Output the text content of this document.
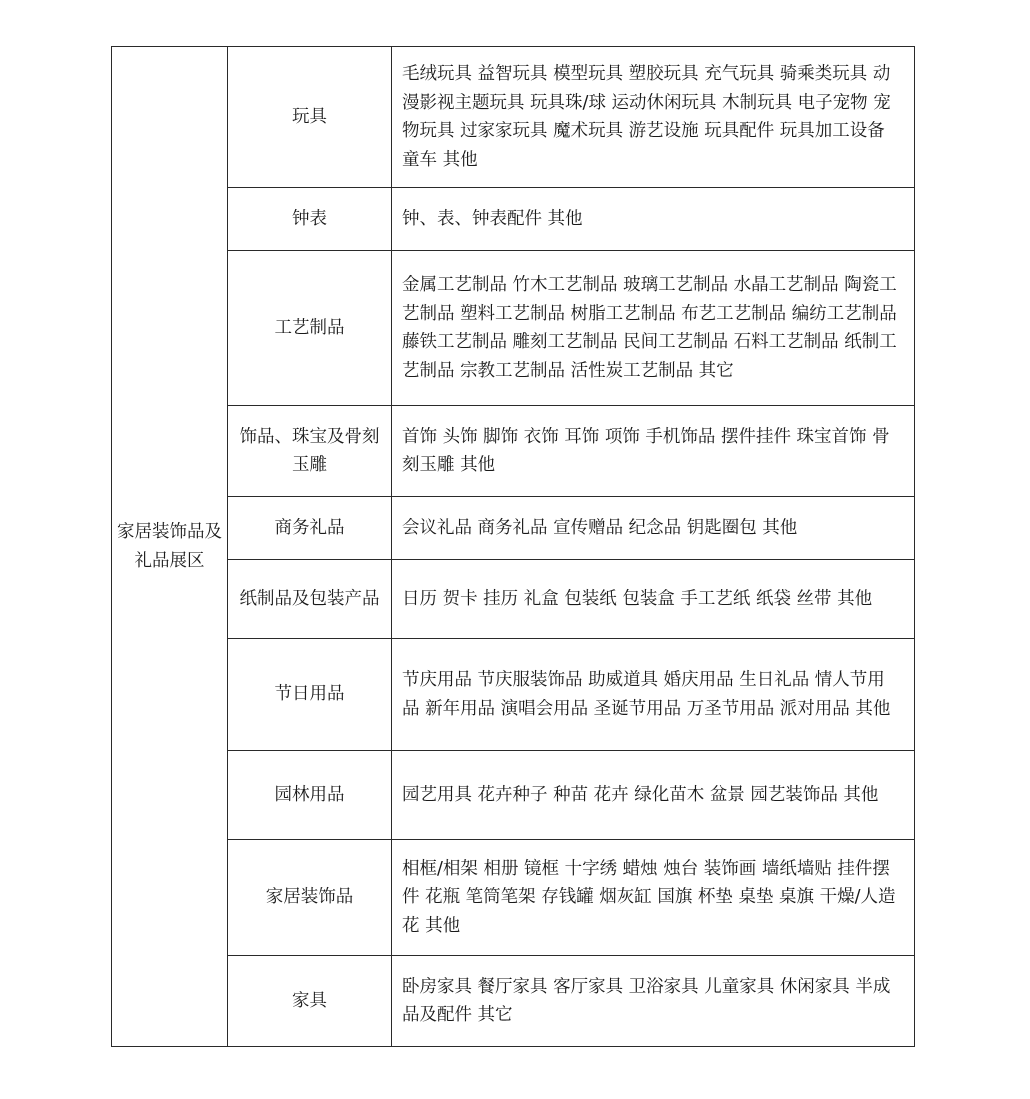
家居装饰品及礼品展区	玩具	毛绒玩具 益智玩具 模型玩具 塑胶玩具 充气玩具 骑乘类玩具 动漫影视主题玩具 玩具珠/球 运动休闲玩具 木制玩具 电子宠物 宠物玩具 过家家玩具 魔术玩具 游艺设施 玩具配件 玩具加工设备 童车 其他
	钟表	钟、表、钟表配件 其他
	工艺制品	金属工艺制品 竹木工艺制品 玻璃工艺制品 水晶工艺制品 陶瓷工艺制品 塑料工艺制品 树脂工艺制品 布艺工艺制品 编纺工艺制品 藤铁工艺制品 雕刻工艺制品 民间工艺制品 石料工艺制品 纸制工艺制品 宗教工艺制品 活性炭工艺制品 其它
	饰品、珠宝及骨刻玉雕	首饰 头饰 脚饰 衣饰 耳饰 项饰 手机饰品 摆件挂件 珠宝首饰 骨刻玉雕 其他
	商务礼品	会议礼品 商务礼品 宣传赠品 纪念品 钥匙圈包 其他
	纸制品及包装产品	日历 贺卡 挂历 礼盒 包装纸 包装盒 手工艺纸 纸袋 丝带 其他
	节日用品	节庆用品 节庆服装饰品 助威道具 婚庆用品 生日礼品 情人节用品 新年用品 演唱会用品 圣诞节用品 万圣节用品 派对用品 其他
	园林用品	园艺用具 花卉种子 种苗 花卉 绿化苗木 盆景 园艺装饰品 其他
	家居装饰品	相框/相架 相册 镜框 十字绣 蜡烛 烛台 装饰画 墙纸墙贴 挂件摆件 花瓶 笔筒笔架 存钱罐 烟灰缸 国旗 杯垫 桌垫 桌旗 干燥/人造花 其他
	家具	卧房家具 餐厅家具 客厅家具 卫浴家具 儿童家具 休闲家具 半成品及配件 其它
